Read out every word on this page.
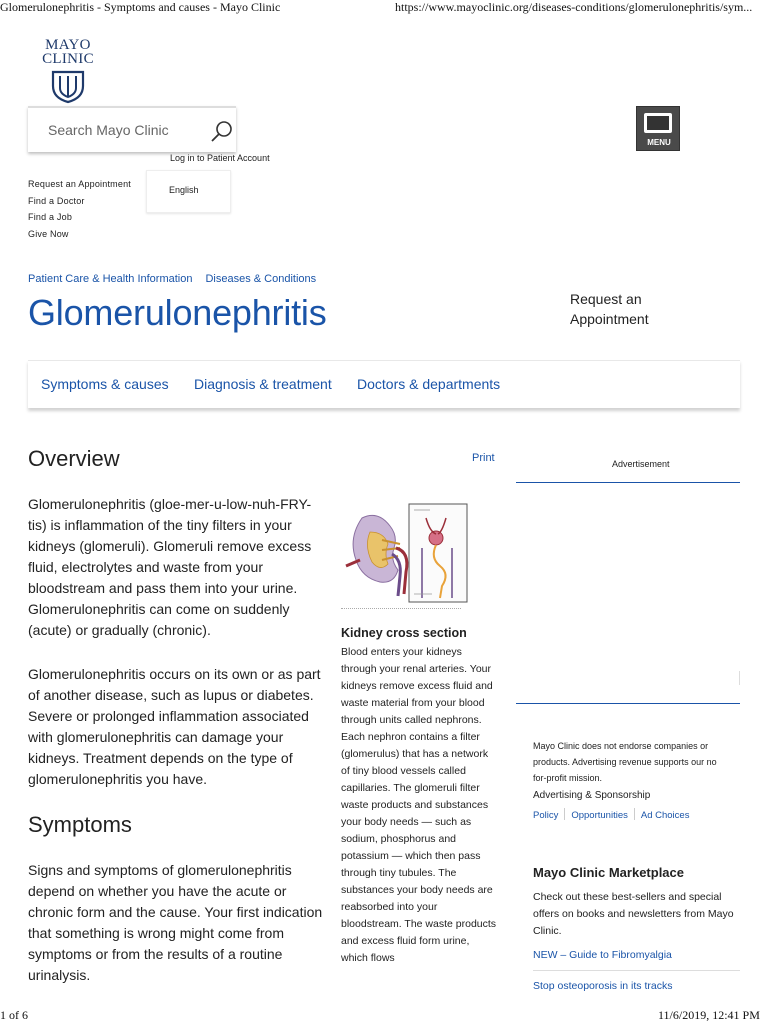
Glomerulonephritis - Symptoms and causes - Mayo Clinic	https://www.mayoclinic.org/diseases-conditions/glomerulonephritis/sym...
MAYO
CLINIC
Search Mayo Clinic
MENU
Log in to Patient Account
Request an Appointment
Find a Doctor
Find a Job
Give Now
English
Patient Care & Health Information Diseases & Conditions
Glomerulonephritis	Request an
Appointment
Symptoms & causes Diagnosis & treatment Doctors & departments
Overview	Print

Glomerulonephritis (gloe-mer-u-low-nuh-FRY-tis) is inflammation of the tiny filters in your kidneys (glomeruli). Glomeruli remove excess fluid, electrolytes and waste from your bloodstream and pass them into your urine. Glomerulonephritis can come on suddenly (acute) or gradually (chronic).

Glomerulonephritis occurs on its own or as part of another disease, such as lupus or diabetes. Severe or prolonged inflammation associated with glomerulonephritis can damage your kidneys. Treatment depends on the type of glomerulonephritis you have.

Symptoms

Signs and symptoms of glomerulonephritis depend on whether you have the acute or chronic form and the cause. Your first indication that something is wrong might come from symptoms or from the results of a routine urinalysis.

Kidney cross section
Blood enters your kidneys through your renal arteries. Your kidneys remove excess fluid and waste material from your blood through units called nephrons. Each nephron contains a filter (glomerulus) that has a network of tiny blood vessels called capillaries. The glomeruli filter waste products and substances your body needs — such as sodium, phosphorus and potassium — which then pass through tiny tubules. The substances your body needs are reabsorbed into your bloodstream. The waste products and excess fluid form urine, which flows
Advertisement
Mayo Clinic does not endorse companies or
products. Advertising revenue supports our no
for-profit mission.
Advertising & Sponsorship
Policy Opportunities Ad Choices
Mayo Clinic Marketplace
Check out these best-sellers and special offers on books and newsletters from Mayo Clinic.
NEW – Guide to Fibromyalgia
Stop osteoporosis in its tracks
1 of 6	11/6/2019, 12:41 PM
